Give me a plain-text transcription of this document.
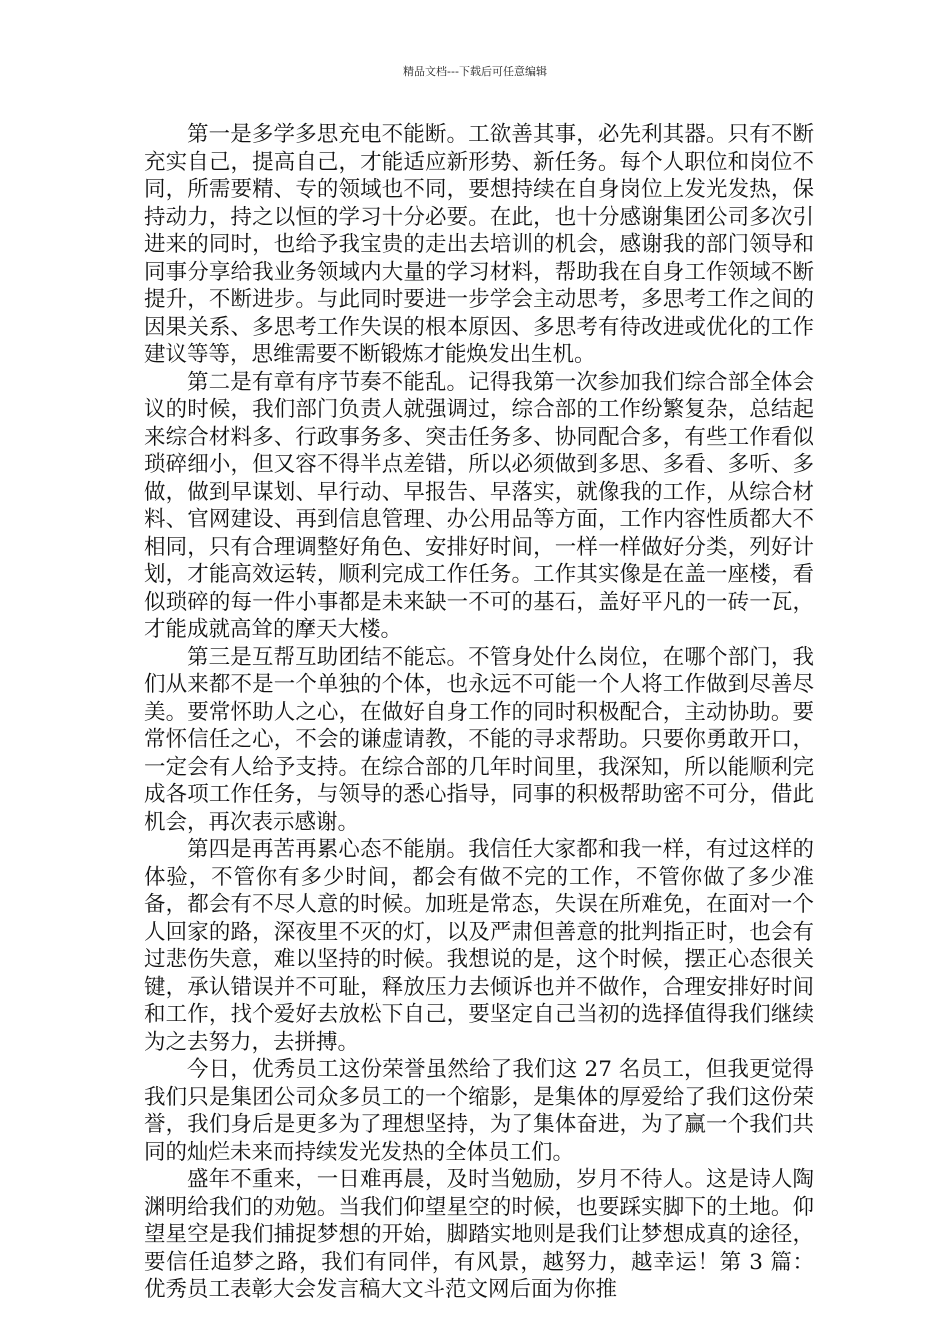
精品文档---下载后可任意编辑

第一是多学多思充电不能断。工欲善其事，必先利其器。只有不断充实自己，提高自己，才能适应新形势、新任务。每个人职位和岗位不同，所需要精、专的领域也不同，要想持续在自身岗位上发光发热，保持动力，持之以恒的学习十分必要。在此，也十分感谢集团公司多次引进来的同时，也给予我宝贵的走出去培训的机会，感谢我的部门领导和同事分享给我业务领域内大量的学习材料，帮助我在自身工作领域不断提升，不断进步。与此同时要进一步学会主动思考，多思考工作之间的因果关系、多思考工作失误的根本原因、多思考有待改进或优化的工作建议等等，思维需要不断锻炼才能焕发出生机。

第二是有章有序节奏不能乱。记得我第一次参加我们综合部全体会议的时候，我们部门负责人就强调过，综合部的工作纷繁复杂，总结起来综合材料多、行政事务多、突击任务多、协同配合多，有些工作看似琐碎细小，但又容不得半点差错，所以必须做到多思、多看、多听、多做，做到早谋划、早行动、早报告、早落实，就像我的工作，从综合材料、官网建设、再到信息管理、办公用品等方面，工作内容性质都大不相同，只有合理调整好角色、安排好时间，一样一样做好分类，列好计划，才能高效运转，顺利完成工作任务。工作其实像是在盖一座楼，看似琐碎的每一件小事都是未来缺一不可的基石，盖好平凡的一砖一瓦，才能成就高耸的摩天大楼。

第三是互帮互助团结不能忘。不管身处什么岗位，在哪个部门，我们从来都不是一个单独的个体，也永远不可能一个人将工作做到尽善尽美。要常怀助人之心，在做好自身工作的同时积极配合，主动协助。要常怀信任之心，不会的谦虚请教，不能的寻求帮助。只要你勇敢开口，一定会有人给予支持。在综合部的几年时间里，我深知，所以能顺利完成各项工作任务，与领导的悉心指导，同事的积极帮助密不可分，借此机会，再次表示感谢。

第四是再苦再累心态不能崩。我信任大家都和我一样，有过这样的体验，不管你有多少时间，都会有做不完的工作，不管你做了多少准备，都会有不尽人意的时候。加班是常态，失误在所难免，在面对一个人回家的路，深夜里不灭的灯，以及严肃但善意的批判指正时，也会有过悲伤失意，难以坚持的时候。我想说的是，这个时候，摆正心态很关键，承认错误并不可耻，释放压力去倾诉也并不做作，合理安排好时间和工作，找个爱好去放松下自己，要坚定自己当初的选择值得我们继续为之去努力，去拼搏。

今日，优秀员工这份荣誉虽然给了我们这 27 名员工，但我更觉得我们只是集团公司众多员工的一个缩影，是集体的厚爱给了我们这份荣誉，我们身后是更多为了理想坚持，为了集体奋进，为了赢一个我们共同的灿烂未来而持续发光发热的全体员工们。

盛年不重来，一日难再晨，及时当勉励，岁月不待人。这是诗人陶渊明给我们的劝勉。当我们仰望星空的时候，也要踩实脚下的土地。仰望星空是我们捕捉梦想的开始，脚踏实地则是我们让梦想成真的途径，要信任追梦之路，我们有同伴，有风景，越努力，越幸运！第 3 篇：优秀员工表彰大会发言稿大文斗范文网后面为你推
